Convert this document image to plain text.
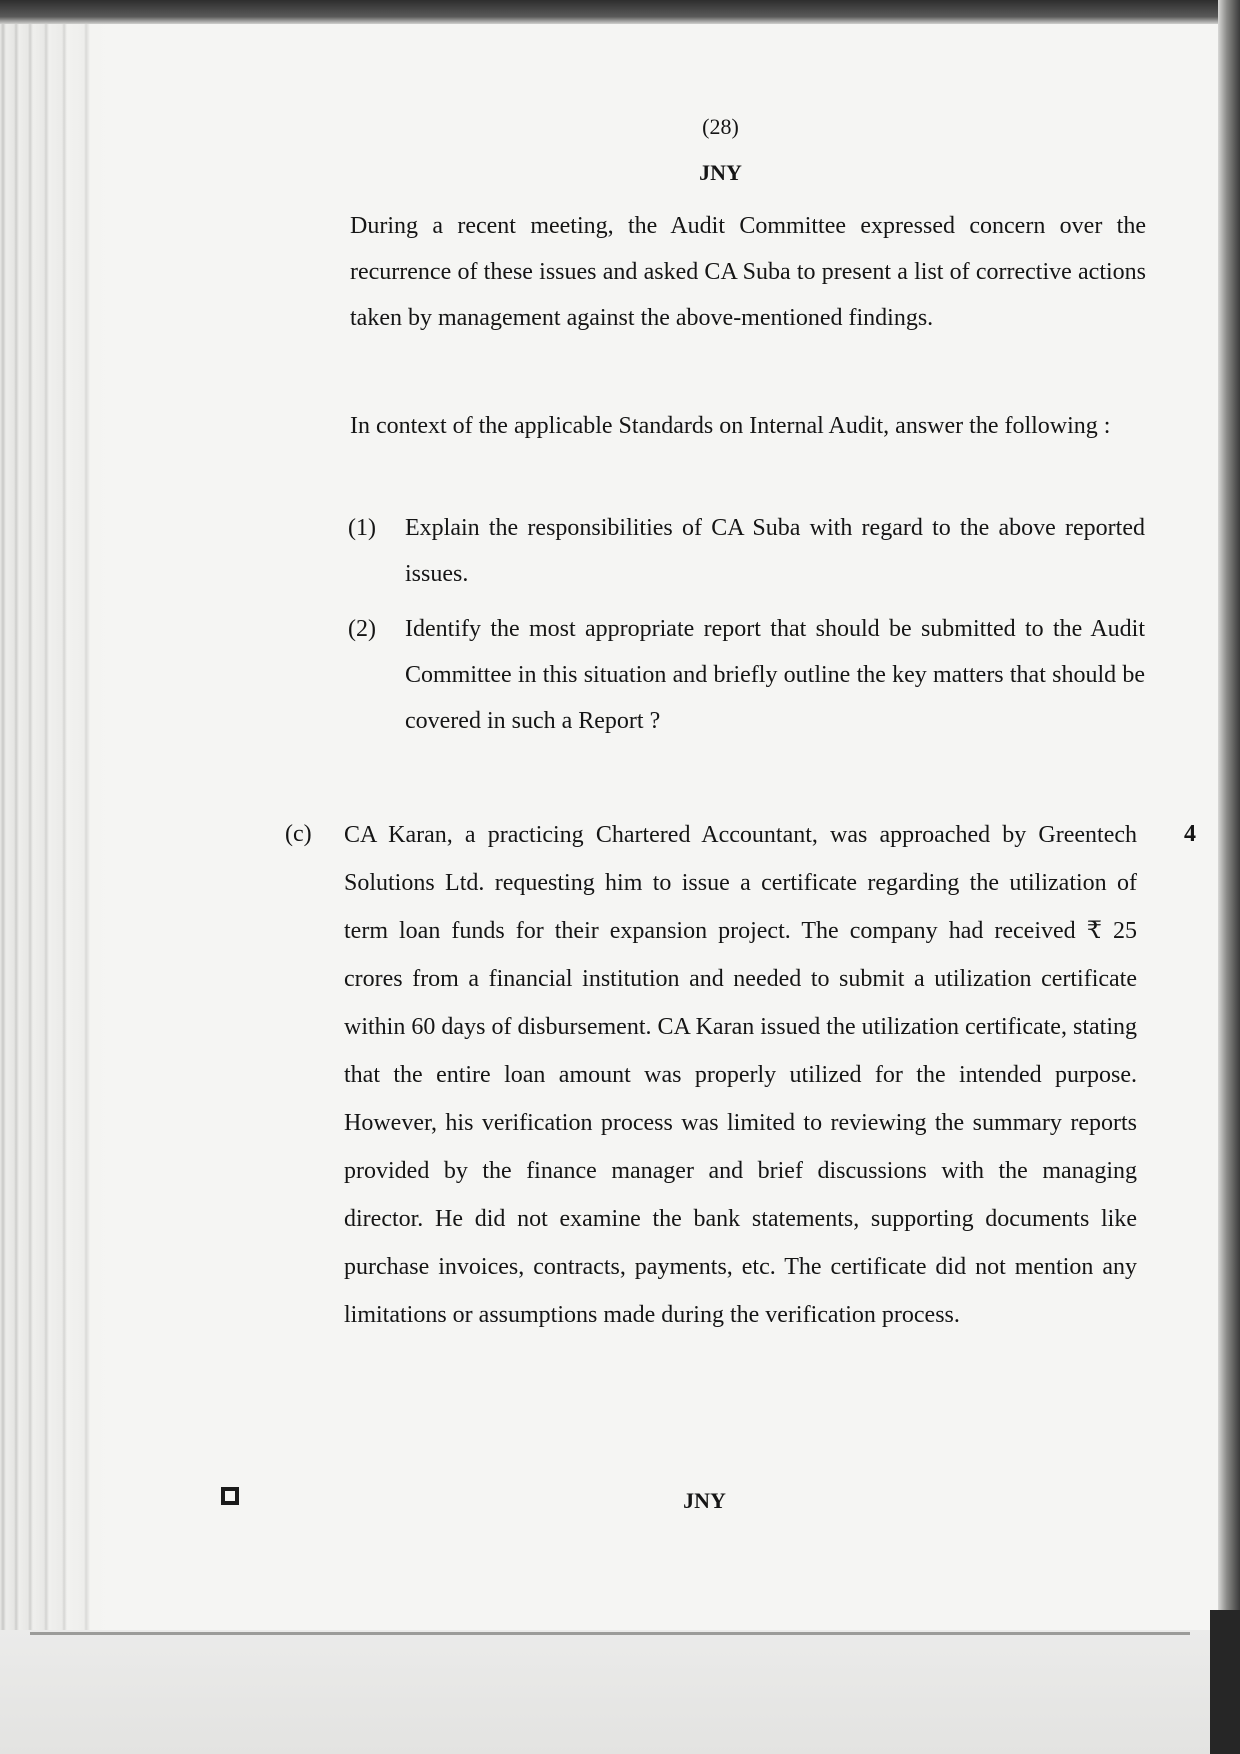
(28)
JNY

During a recent meeting, the Audit Committee expressed concern over the recurrence of these issues and asked CA Suba to present a list of corrective actions taken by management against the above-mentioned findings.

In context of the applicable Standards on Internal Audit, answer the following :

(1) Explain the responsibilities of CA Suba with regard to the above reported issues.

(2) Identify the most appropriate report that should be submitted to the Audit Committee in this situation and briefly outline the key matters that should be covered in such a Report ?

(c) CA Karan, a practicing Chartered Accountant, was approached by Greentech Solutions Ltd. requesting him to issue a certificate regarding the utilization of term loan funds for their expansion project. The company had received ₹ 25 crores from a financial institution and needed to submit a utilization certificate within 60 days of disbursement. CA Karan issued the utilization certificate, stating that the entire loan amount was properly utilized for the intended purpose. However, his verification process was limited to reviewing the summary reports provided by the finance manager and brief discussions with the managing director. He did not examine the bank statements, supporting documents like purchase invoices, contracts, payments, etc. The certificate did not mention any limitations or assumptions made during the verification process.

4
JNY
